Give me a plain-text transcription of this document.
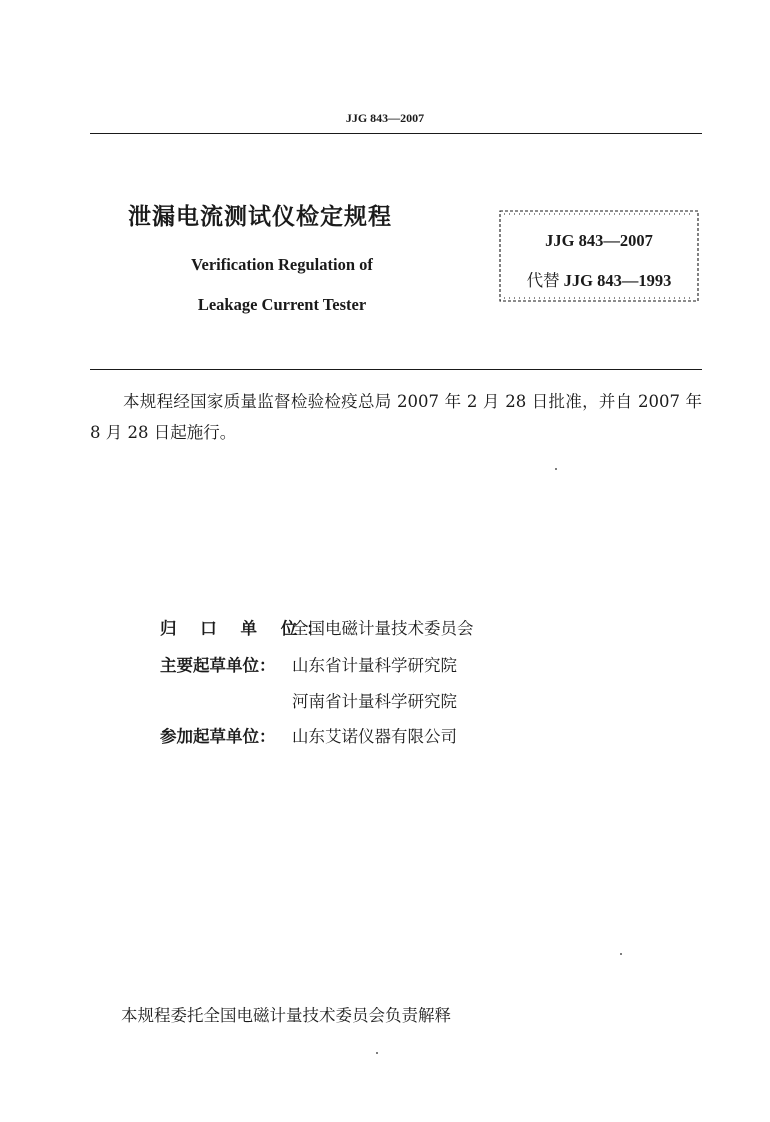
JJG 843—2007
泄漏电流测试仪检定规程
Verification Regulation of
Leakage Current Tester
JJG 843—2007
代替 JJG 843—1993
本规程经国家质量监督检验检疫总局 2007 年 2 月 28 日批准，并自 2007 年 8 月 28 日起施行。
归 口 单 位：
全国电磁计量技术委员会
主要起草单位：	山东省计量科学研究院
河南省计量科学研究院
参加起草单位：	山东艾诺仪器有限公司
本规程委托全国电磁计量技术委员会负责解释
